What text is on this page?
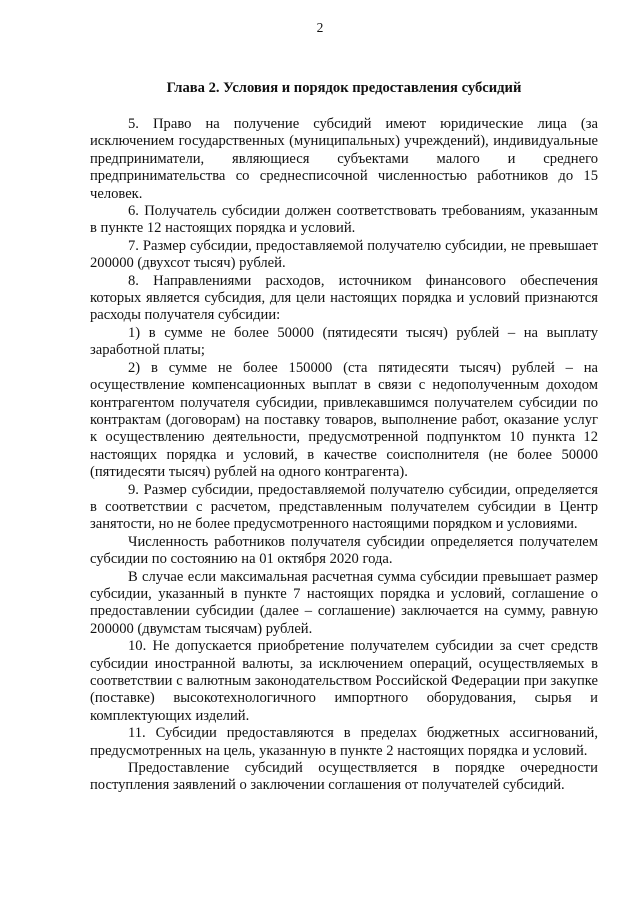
2
Глава 2. Условия и порядок предоставления субсидий

5. Право на получение субсидий имеют юридические лица (за исключением государственных (муниципальных) учреждений), индивидуальные предприниматели, являющиеся субъектами малого и среднего предпринимательства со среднесписочной численностью работников до 15 человек.

6. Получатель субсидии должен соответствовать требованиям, указанным в пункте 12 настоящих порядка и условий.

7. Размер субсидии, предоставляемой получателю субсидии, не превышает 200000 (двухсот тысяч) рублей.

8. Направлениями расходов, источником финансового обеспечения которых является субсидия, для цели настоящих порядка и условий признаются расходы получателя субсидии:

1) в сумме не более 50000 (пятидесяти тысяч) рублей – на выплату заработной платы;

2) в сумме не более 150000 (ста пятидесяти тысяч) рублей – на осуществление компенсационных выплат в связи с недополученным доходом контрагентом получателя субсидии, привлекавшимся получателем субсидии по контрактам (договорам) на поставку товаров, выполнение работ, оказание услуг к осуществлению деятельности, предусмотренной подпунктом 10 пункта 12 настоящих порядка и условий, в качестве соисполнителя (не более 50000 (пятидесяти тысяч) рублей на одного контрагента).

9. Размер субсидии, предоставляемой получателю субсидии, определяется в соответствии с расчетом, представленным получателем субсидии в Центр занятости, но не более предусмотренного настоящими порядком и условиями.

Численность работников получателя субсидии определяется получателем субсидии по состоянию на 01 октября 2020 года.

В случае если максимальная расчетная сумма субсидии превышает размер субсидии, указанный в пункте 7 настоящих порядка и условий, соглашение о предоставлении субсидии (далее – соглашение) заключается на сумму, равную 200000 (двумстам тысячам) рублей.

10. Не допускается приобретение получателем субсидии за счет средств субсидии иностранной валюты, за исключением операций, осуществляемых в соответствии с валютным законодательством Российской Федерации при закупке (поставке) высокотехнологичного импортного оборудования, сырья и комплектующих изделий.

11. Субсидии предоставляются в пределах бюджетных ассигнований, предусмотренных на цель, указанную в пункте 2 настоящих порядка и условий.

Предоставление субсидий осуществляется в порядке очередности поступления заявлений о заключении соглашения от получателей субсидий.
